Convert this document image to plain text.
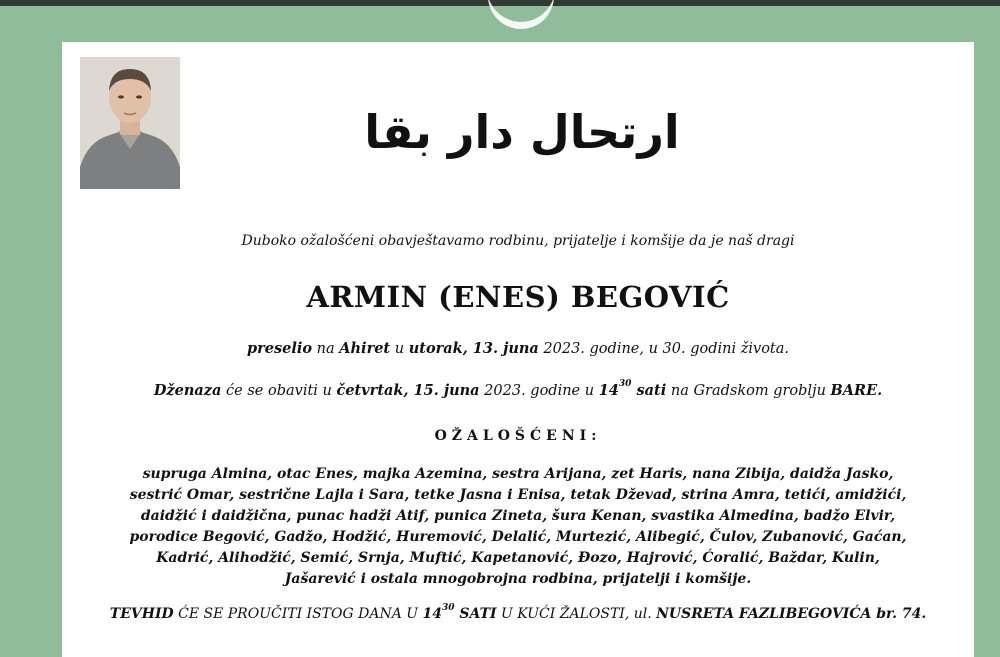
ارتحال دار بقا
Duboko ožalošćeni obavještavamo rodbinu, prijatelje i komšije da je naš dragi
ARMIN (ENES) BEGOVIĆ
preselio na Ahiret u utorak, 13. juna 2023. godine, u 30. godini života.
Dženaza će se obaviti u četvrtak, 15. juna 2023. godine u $14^{30}$ sati na Gradskom groblju BARE.
OŽALOŠĆENI:
supruga Almina, otac Enes, majka Azemina, sestra Arijana, zet Haris, nana Zibija, daidža Jasko,
sestrić Omar, sestrične Lajla i Sara, tetke Jasna i Enisa, tetak Dževad, strina Amra, tetići, amidžići,
daidžić i daidžična, punac hadži Atif, punica Zineta, šura Kenan, svastika Almedina, badžo Elvir,
porodice Begović, Gadžo, Hodžić, Huremović, Delalić, Murtezić, Alibegić, Čulov, Zubanović, Gaćan,
Kadrić, Alihodžić, Semić, Srnja, Muftić, Kapetanović, Đozo, Hajrović, Ćoralić, Baždar, Kulin,
Jašarević i ostala mnogobrojna rodbina, prijatelji i komšije.
TEVHID ĆE SE PROUČITI ISTOG DANA U $14^{30}$ SATI U KUĆI ŽALOSTI, ul. NUSRETA FAZLIBEGOVIĆA br. 74.
